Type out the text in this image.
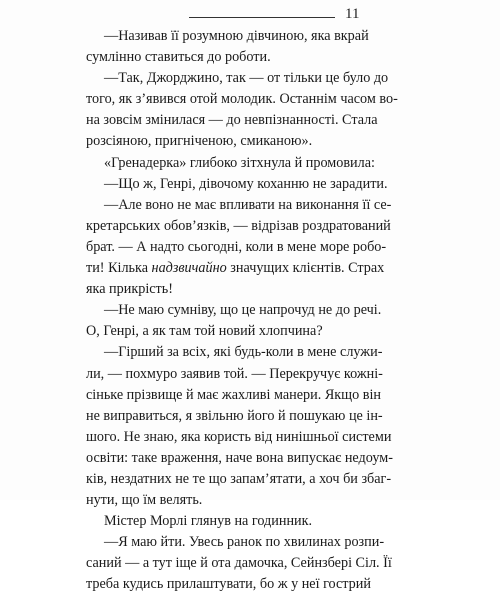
11
—Називав її розумною дівчиною, яка вкрай
сумлінно ставиться до роботи.
—Так, Джорджино, так — от тільки це було до
того, як з’явився отой молодик. Останнім часом во-
на зовсім змінилася — до невпізнанності. Стала
розсіяною, пригніченою, смиканою».
«Гренадерка» глибоко зітхнула й промовила:
—Що ж, Генрі, дівочому коханню не зарадити.
—Але воно не має впливати на виконання її се-
кретарських обов’язків, — відрізав роздратований
брат. — А надто сьогодні, коли в мене море робо-
ти! Кілька надзвичайно значущих клієнтів. Страх
яка прикрість!
—Не маю сумніву, що це напрочуд не до речі.
О, Генрі, а як там той новий хлопчина?
—Гірший за всіх, які будь-коли в мене служи-
ли, — похмуро заявив той. — Перекручує кожні-
сіньке прізвище й має жахливі манери. Якщо він
не виправиться, я звільню його й пошукаю це ін-
шого. Не знаю, яка користь від нинішньої системи
освіти: таке враження, наче вона випускає недоум-
ків, нездатних не те що запам’ятати, а хоч би збаг-
нути, що їм велять.
Містер Морлі глянув на годинник.
—Я маю йти. Увесь ранок по хвилинах розпи-
саний — а тут іще й ота дамочка, Сейнзбері Сіл. Її
треба кудись прилаштувати, бо ж у неї гострий
